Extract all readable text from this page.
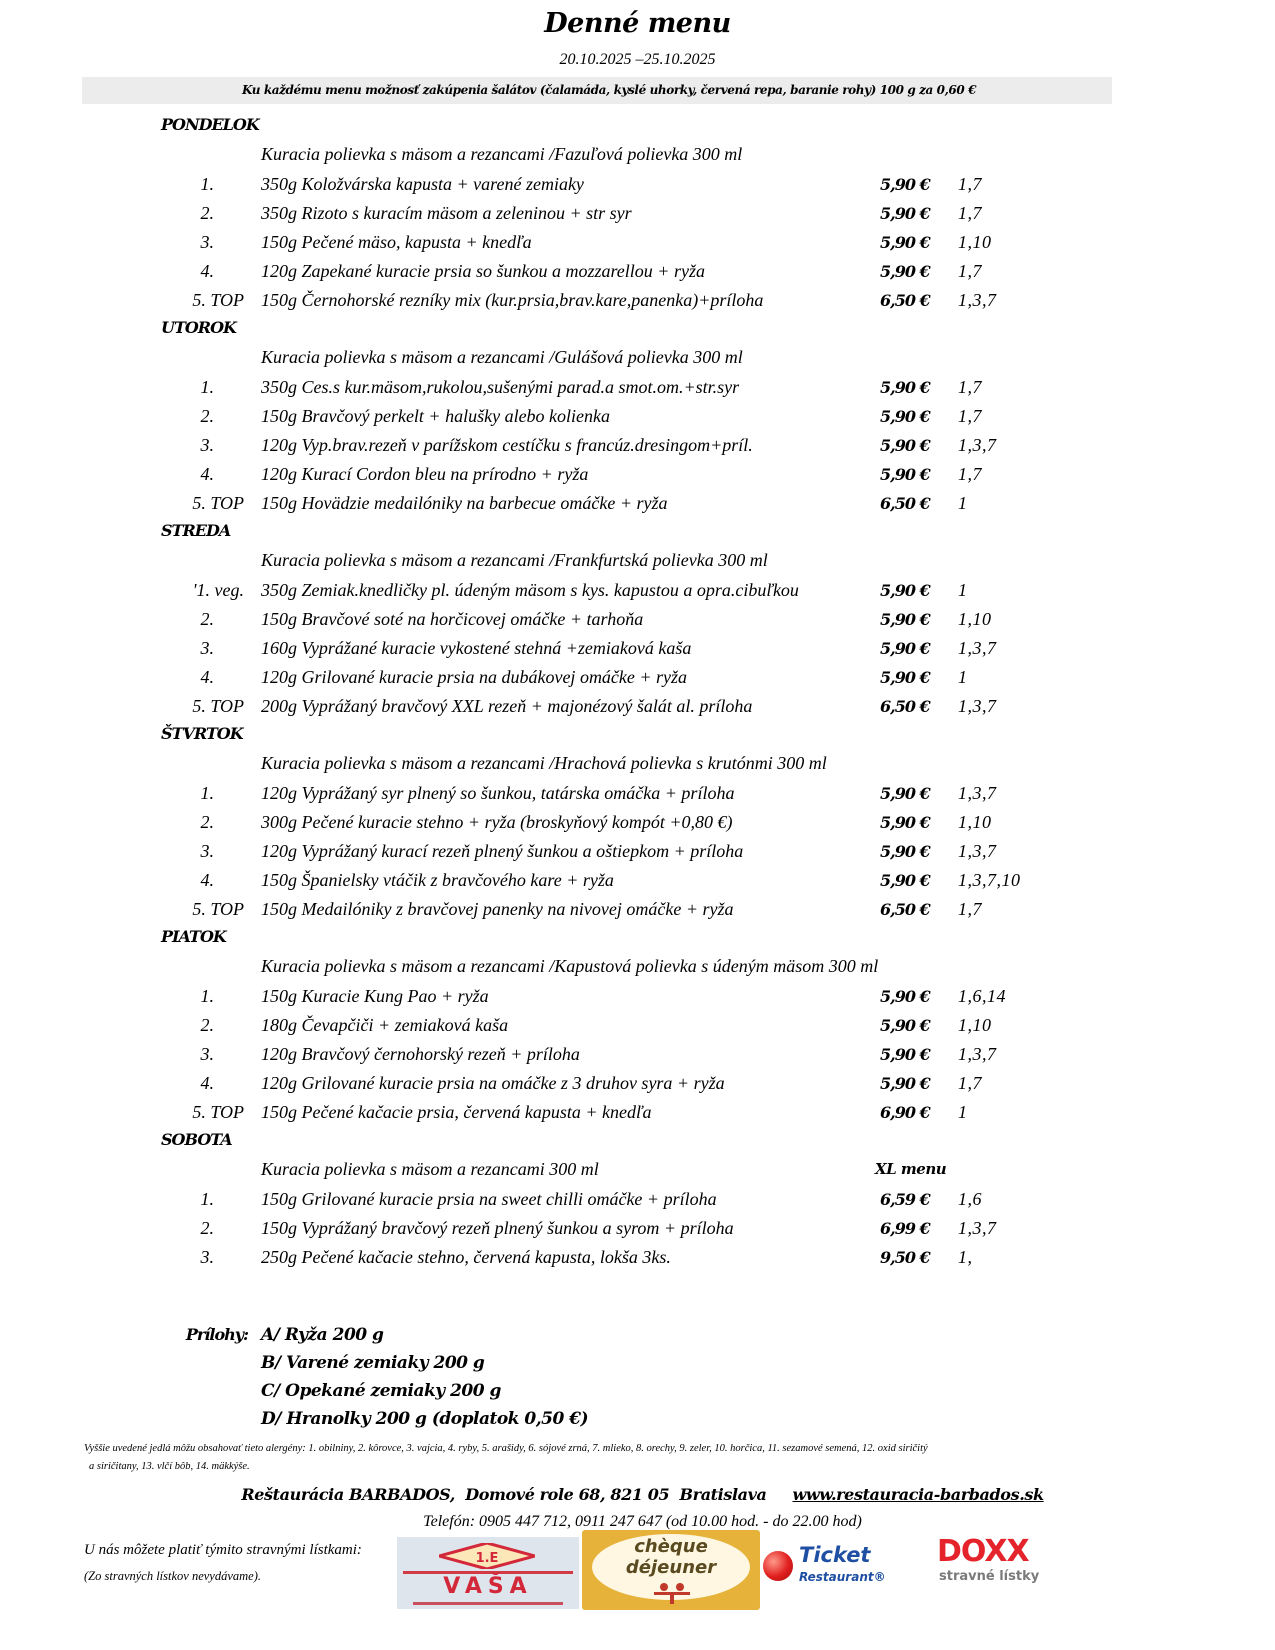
Denné menu
20.10.2025 –25.10.2025
Ku každému menu možnosť zakúpenia šalátov (čalamáda, kyslé uhorky, červená repa, baranie rohy) 100 g za 0,60 €
PONDELOK
Kuracia polievka s mäsom a rezancami /Fazuľová polievka 300 ml
1.	350g Koložvárska kapusta + varené zemiaky	5,90 € 1,7
2.	350g Rizoto s kuracím mäsom a zeleninou + str syr	5,90 € 1,7
3.	150g Pečené mäso, kapusta + knedľa	5,90 € 1,10
4.	120g Zapekané kuracie prsia so šunkou a mozzarellou + ryža	5,90 € 1,7
5. TOP 150g Černohorské rezníky mix (kur.prsia,brav.kare,panenka)+príloha	6,50 € 1,3,7
UTOROK
Kuracia polievka s mäsom a rezancami /Gulášová polievka 300 ml
1.	350g Ces.s kur.mäsom,rukolou,sušenými parad.a smot.om.+str.syr	5,90 € 1,7
2.	150g Bravčový perkelt + halušky alebo kolienka	5,90 € 1,7
3.	120g Vyp.brav.rezeň v parížskom cestíčku s francúz.dresingom+príl.	5,90 € 1,3,7
4.	120g Kurací Cordon bleu na prírodno + ryža	5,90 € 1,7
5. TOP 150g Hovädzie medailóniky na barbecue omáčke + ryža	6,50 € 1
STREDA
Kuracia polievka s mäsom a rezancami /Frankfurtská polievka 300 ml
'1. veg. 350g Zemiak.knedličky pl. údeným mäsom s kys. kapustou a opra.cibuľkou	5,90 € 1
2.	150g Bravčové soté na horčicovej omáčke + tarhoňa	5,90 € 1,10
3.	160g Vyprážané kuracie vykostené stehná +zemiaková kaša	5,90 € 1,3,7
4.	120g Grilované kuracie prsia na dubákovej omáčke + ryža	5,90 € 1
5. TOP 200g Vyprážaný bravčový XXL rezeň + majonézový šalát al. príloha	6,50 € 1,3,7
ŠTVRTOK
Kuracia polievka s mäsom a rezancami /Hrachová polievka s krutónmi 300 ml
1.	120g Vyprážaný syr plnený so šunkou, tatárska omáčka + príloha	5,90 € 1,3,7
2.	300g Pečené kuracie stehno + ryža (broskyňový kompót +0,80 €)	5,90 € 1,10
3.	120g Vyprážaný kurací rezeň plnený šunkou a oštiepkom + príloha	5,90 € 1,3,7
4.	150g Španielsky vtáčik z bravčového kare + ryža	5,90 € 1,3,7,10
5. TOP 150g Medailóniky z bravčovej panenky na nivovej omáčke + ryža	6,50 € 1,7
PIATOK
Kuracia polievka s mäsom a rezancami /Kapustová polievka s údeným mäsom 300 ml
1.	150g Kuracie Kung Pao + ryža	5,90 € 1,6,14
2.	180g Čevapčiči + zemiaková kaša	5,90 € 1,10
3.	120g Bravčový černohorský rezeň + príloha	5,90 € 1,3,7
4.	120g Grilované kuracie prsia na omáčke z 3 druhov syra + ryža	5,90 € 1,7
5. TOP 150g Pečené kačacie prsia, červená kapusta + knedľa	6,90 € 1
SOBOTA
Kuracia polievka s mäsom a rezancami 300 ml	XL menu
1.	150g Grilované kuracie prsia na sweet chilli omáčke + príloha	6,59 € 1,6
2.	150g Vyprážaný bravčový rezeň plnený šunkou a syrom + príloha	6,99 € 1,3,7
3.	250g Pečené kačacie stehno, červená kapusta, lokša 3ks.	9,50 € 1,
Prílohy: A/ Ryža 200 g
B/ Varené zemiaky 200 g
C/ Opekané zemiaky 200 g
D/ Hranolky 200 g (doplatok 0,50 €)
Vyššie uvedené jedlá môžu obsahovať tieto alergény: 1. obilniny, 2. kôrovce, 3. vajcia, 4. ryby, 5. arašidy, 6. sójové zrná, 7. mlieko, 8. orechy, 9. zeler, 10. horčica, 11. sezamové semená, 12. oxid siričitý
a siričitany, 13. vlčí bôb, 14. mäkkýše.
Reštaurácia BARBADOS,  Domové role 68, 821 05  Bratislava www.restauracia-barbados.sk
Telefón: 0905 447 712, 0911 247 647 (od 10.00 hod. - do 22.00 hod)
U nás môžete platiť týmito stravnými lístkami:
(Zo stravných lístkov nevydávame).
1.E
VAŠA
chèque
déjeuner
Ticket
Restaurant®
DOXX
stravné lístky
